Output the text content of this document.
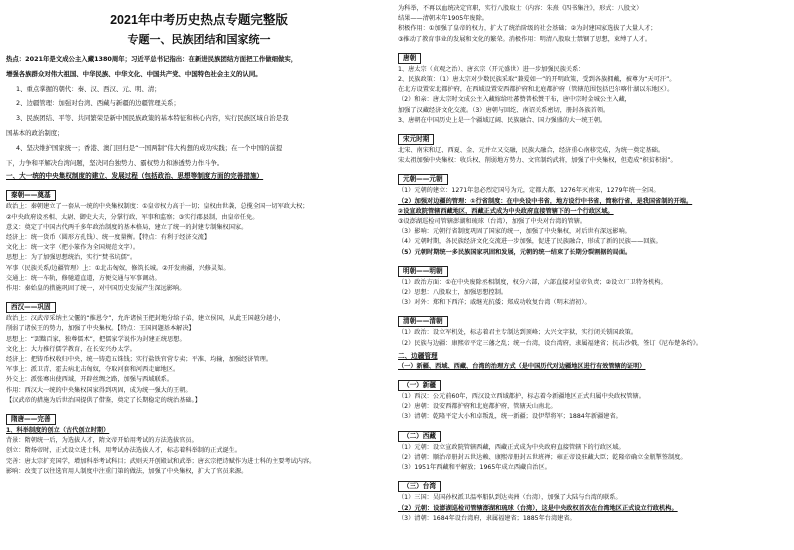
2021年中考历史热点专题完整版
专题一、民族团结和国家统一

热点：2021年是文成公主入藏1380周年；习近平总书记指出：在新进民族团结方面把工作做细做实，

增强各族群众对伟大祖国、中华民族、中华文化、中国共产党、中国特色社会主义的认同。

1、重点掌握的朝代：秦、汉、西汉、元、明、清；

2、边疆管理：加强对台湾、西藏与新疆的边疆管理关系；

3、民族团结、平等、共同繁荣是新中国民族政策的基本特征和核心内容，实行民族区域自治是我

国基本的政治制度；

4、坚决维护国家统一；香港、澳门回归是“一国两制”伟大构想的成功实践；在一个中国的前提

下，力争和平解决台湾问题，坚决同台独势力、霸权势力和渗透势力作斗争。

一、大一统的中央集权制度的建立、发展过程（包括政治、思想等制度方面的完善措施）
秦朝——奠基

政治上：秦朝建立了一套从一统的中央集权制度：①皇帝权力高于一切；皇权由世袭，总揽全国一切军政大权；

②中央政府设丞相、太尉、御史大夫，分掌行政、军事和监察；③实行郡县制，由皇帝任免。

意义：奠定了中国古代两千多年政治制度的基本格局，建立了统一的封建专制集权国家。

经济上：统一货币（圆形方孔钱）、统一度量衡。【特点：有利于经济交流】

文化上：统一文字（把小篆作为全国规范文字）。

思想上：为了加强思想统治，实行“焚书坑儒”。

军事（民族关系/边疆管理）上：①北击匈奴，修筑长城。②开发南疆，兴修灵渠。

交通上：统一车轨，修驰道直道，方便交通与军事调动。

作用：秦始皇的措施巩固了统一，对中国历史发展产生深远影响。

西汉——巩固

政治上：汉武帝采纳主父偃的“推恩令”，允许诸侯王把封地分给子弟，建立侯国，从此王国越分越小，

削弱了诸侯王的势力，加强了中央集权。【特点：王国问题基本解决】

思想上：“罢黜百家，独尊儒术”，把儒家学说作为封建正统思想。

文化上：大力推行儒学教育，在长安兴办太学。

经济上：把铸币权收归中央，统一铸造五铢钱；实行盐铁官营专卖；平准、均输，加强经济管理。

军事上：派卫青、霍去病北击匈奴，夺取河套和河西走廊地区。

外交上：派张骞出使西域，开辟丝绸之路，加强与西域联系。

作用：西汉大一统的中央集权国家得到巩固，成为统一强大的王朝。

【汉武帝的措施为后世治国提供了借鉴，奠定了长期稳定的统治基础。】

隋唐——完善

1、科举制度的创立（古代创立时期）

背景：隋朝统一后，为选拔人才，隋文帝开始用考试的方法选拔官员。

创立：隋炀帝时，正式设立进士科，用考试办法选拔人才，标志着科举制的正式诞生。

完善：唐太宗扩充国学，增加科举考试科目；武则天开创殿试和武举；唐玄宗把诗赋作为进士科的主要考试内容。

影响：改变了以往选官用人制度中注重门第的做法，加强了中央集权，扩大了官员来源。

为科举，不再以血统决定官职，实行八股取士（内容：朱熹《四书集注》，形式：八股文）

结果——清朝末年1905年废除。

积极作用：①加强了皇帝的权力，扩大了统治阶级的社会基础；②为封建国家选拔了大量人才；

③推动了教育事业的发展和文化的繁荣。消极作用：明清八股取士禁锢了思想，束缚了人才。

唐朝

1、唐太宗（贞观之治）、唐玄宗（开元盛世）进一步加强民族关系：

2、民族政策：（1）唐太宗对少数民族采取“兼爱如一”的开明政策，受到各族拥戴，被尊为“天可汗”。

在北方设置安北都护府，在西域设置安西都护府和北庭都护府（管辖范围包括巴尔喀什湖以东地区）。

（2）和亲：唐太宗时文成公主入藏嫁给吐蕃赞普松赞干布，唐中宗时金城公主入藏，

加强了汉藏经济文化交流。（3）唐朝与回纥、南诏关系密切，册封各族首领。

3、唐朝在中国历史上是一个疆域辽阔、民族融合、国力强盛的大一统王朝。

宋元时期

北宋、南宋和辽、西夏、金、元并立又交融，民族大融合，经济重心南移完成，为统一奠定基础。

宋太祖加强中央集权：收兵权、削弱地方势力、文官制约武将，加强了中央集权，但造成“积贫积弱”。

元朝——元朝

（1）元朝的建立：1271年忽必烈定国号为元，定都大都，1276年灭南宋，1279年统一全国。

（2）加强对边疆的管理：①行省制度：在中央设中书省，地方设行中书省，简称行省，是我国省制的开端。

②设宣政院管辖西藏地区，西藏正式成为中央政府直接管辖下的一个行政区域。

③设澎湖巡检司管辖澎湖和琉球（台湾），加强了中央对台湾的管辖。

（3）影响：元朝行省制度巩固了国家的统一，加强了中央集权，对后世有深远影响。

（4）元朝时期，各民族经济文化交流进一步加强，促进了民族融合，形成了新的民族——回族。

（5）元朝时期统一多民族国家巩固和发展，元朝的统一结束了长期分裂割据的局面。

明朝——明朝

（1）政治方面：①在中央废除丞相制度，权分六部，六部直接对皇帝负责；②设立厂卫特务机构。

（2）思想：八股取士，加强思想控制。

（3）对外：郑和下西洋；戚继光抗倭；郑成功收复台湾（明末清初）。

清朝——清朝

（1）政治：设立军机处，标志着君主专制达到顶峰；大兴文字狱，实行闭关锁国政策。

（2）民族与边疆：康熙帝平定三藩之乱；统一台湾，设台湾府，隶属福建省；抗击沙俄，签订《尼布楚条约》。

二、边疆管理

（一）新疆、西域、西藏、台湾的治理方式（是中国历代对边疆地区进行有效管辖的证明）

（一）新疆

（1）西汉：公元前60年，西汉设立西域都护，标志着今新疆地区正式归属中央政权管辖。

（2）唐朝：设安西都护府和北庭都护府，管辖天山南北。

（3）清朝：乾隆平定大小和卓叛乱，统一新疆；设伊犁将军；1884年新疆建省。

（二）西藏

（1）元朝：设立宣政院管辖西藏，西藏正式成为中央政府直接管辖下的行政区域。

（2）清朝：顺治帝册封五世达赖、康熙帝册封五世班禅；雍正帝设驻藏大臣；乾隆帝确立金瓶掣签制度。

（3）1951年西藏和平解放；1965年成立西藏自治区。

（三）台湾

（1）三国：吴国孙权派卫温率船队到达夷洲（台湾），加强了大陆与台湾的联系。

（2）元朝：设澎湖巡检司管辖澎湖和琉球（台湾），这是中央政权首次在台湾地区正式设立行政机构。

（3）清朝：1684年设台湾府，隶属福建省；1885年台湾建省。
